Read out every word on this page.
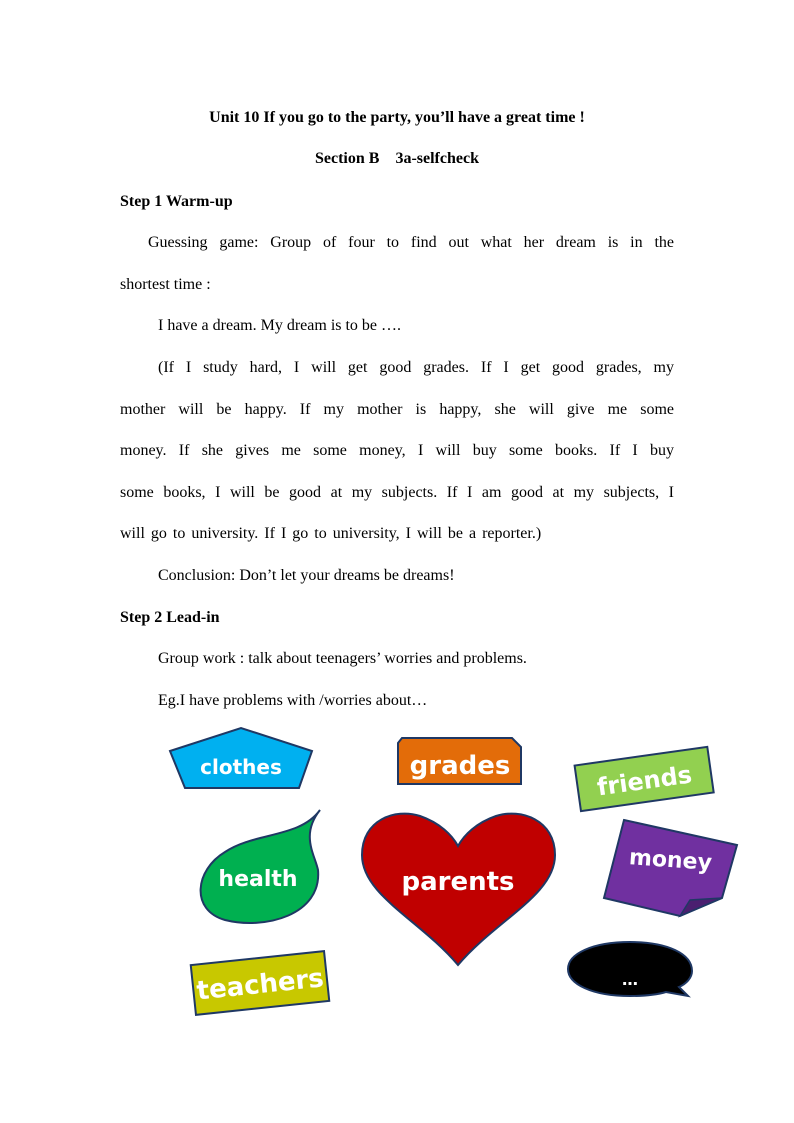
Unit 10 If you go to the party, you’ll have a great time !
Section B    3a-selfcheck
Step 1 Warm-up
Guessing game: Group of four to find out what her dream is in the
shortest time :
I have a dream. My dream is to be ….
(If I study hard, I will get good grades. If I get good grades, my
mother will be happy. If my mother is happy, she will give me some
money. If she gives me some money, I will buy some books. If I buy
some books, I will be good at my subjects. If I am good at my subjects, I
will go to university. If I go to university, I will be a reporter.)
Conclusion: Don’t let your dreams be dreams!
Step 2 Lead-in
Group work : talk about teenagers’ worries and problems.
Eg.I have problems with /worries about…
clothes	grades	friends
health	parents
money
teachers	…
